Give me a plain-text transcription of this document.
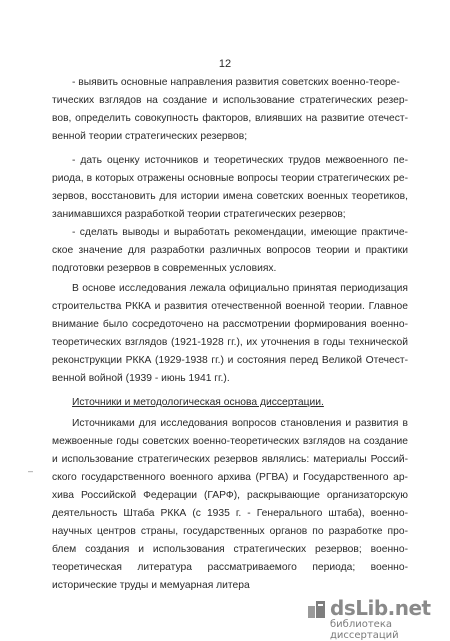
12
- выявить основные направления развития советских военно-теоре-
тических взглядов на создание и использование стратегических резер-
вов, определить совокупность факторов, влиявших на развитие отечест-
венной теории стратегических резервов;
- дать оценку источников и теоретических трудов межвоенного пе-
риода, в которых отражены основные вопросы теории стратегических ре-
зервов, восстановить для истории имена советских военных теоретиков,
занимавшихся разработкой теории стратегических резервов;
- сделать выводы и выработать рекомендации, имеющие практиче-
ское значение для разработки различных вопросов теории и практики
подготовки резервов в современных условиях.
В основе исследования лежала официально принятая периодизация
строительства РККА и развития отечественной военной теории. Главное
внимание было сосредоточено на рассмотрении формирования военно-
теоретических взглядов (1921-1928 гг.), их уточнения в годы технической
реконструкции РККА (1929-1938 гг.) и состояния перед Великой Отечест-
венной войной (1939 - июнь 1941 гг.).
Источники и методологическая основа диссертации.
Источниками для исследования вопросов становления и развития в
межвоенные годы советских военно-теоретических взглядов на создание
и использование стратегических резервов являлись: материалы Россий-
ского государственного военного архива (РГВА) и Государственного ар-
хива Российской Федерации (ГАРФ), раскрывающие организаторскую
деятельность Штаба РККА (с 1935 г. - Генерального штаба), военно-
научных центров страны, государственных органов по разработке про-
блем создания и использования стратегических резервов; военно-
теоретическая литература рассматриваемого периода; военно-
исторические труды и мемуарная литера
–
dsLib.net
библиотека диссертаций
